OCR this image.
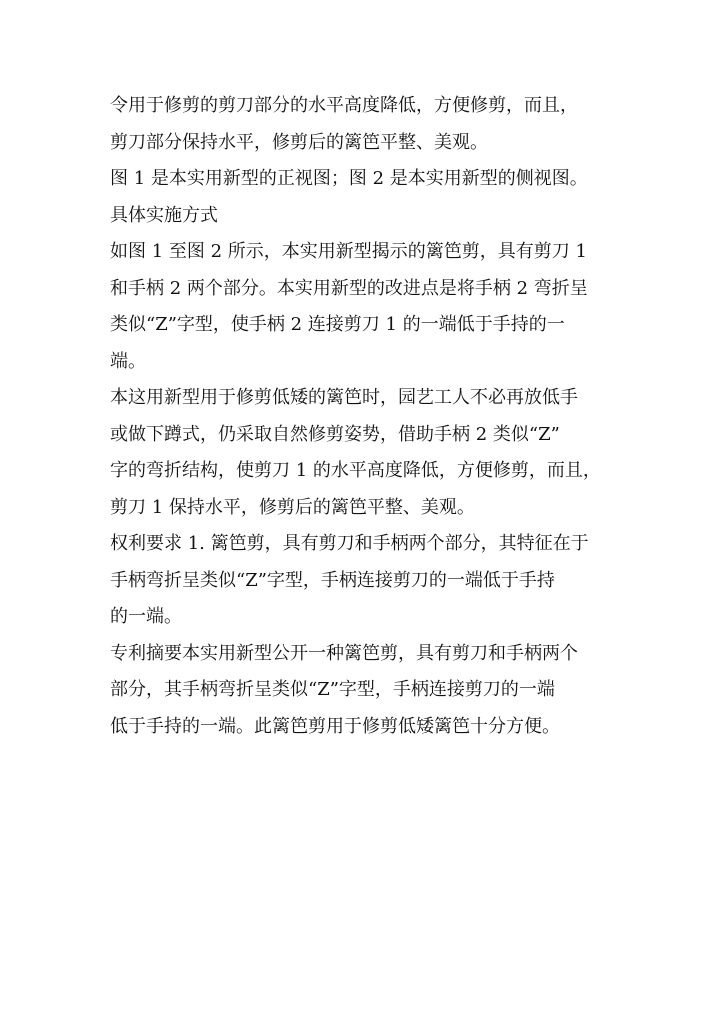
令用于修剪的剪刀部分的水平高度降低，方便修剪，而且，
剪刀部分保持水平，修剪后的篱笆平整、美观。
图 1 是本实用新型的正视图；图 2 是本实用新型的侧视图。
具体实施方式
如图 1 至图 2 所示，本实用新型揭示的篱笆剪，具有剪刀 1
和手柄 2 两个部分。本实用新型的改进点是将手柄 2 弯折呈
类似“Z”字型，使手柄 2 连接剪刀 1 的一端低于手持的一
端。
本这用新型用于修剪低矮的篱笆时，园艺工人不必再放低手
或做下蹲式，仍采取自然修剪姿势，借助手柄 2 类似“Z”
字的弯折结构，使剪刀 1 的水平高度降低，方便修剪，而且，
剪刀 1 保持水平，修剪后的篱笆平整、美观。
权利要求 1. 篱笆剪，具有剪刀和手柄两个部分，其特征在于
手柄弯折呈类似“Z”字型，手柄连接剪刀的一端低于手持
的一端。
专利摘要本实用新型公开一种篱笆剪，具有剪刀和手柄两个
部分，其手柄弯折呈类似“Z”字型，手柄连接剪刀的一端
低于手持的一端。此篱笆剪用于修剪低矮篱笆十分方便。
